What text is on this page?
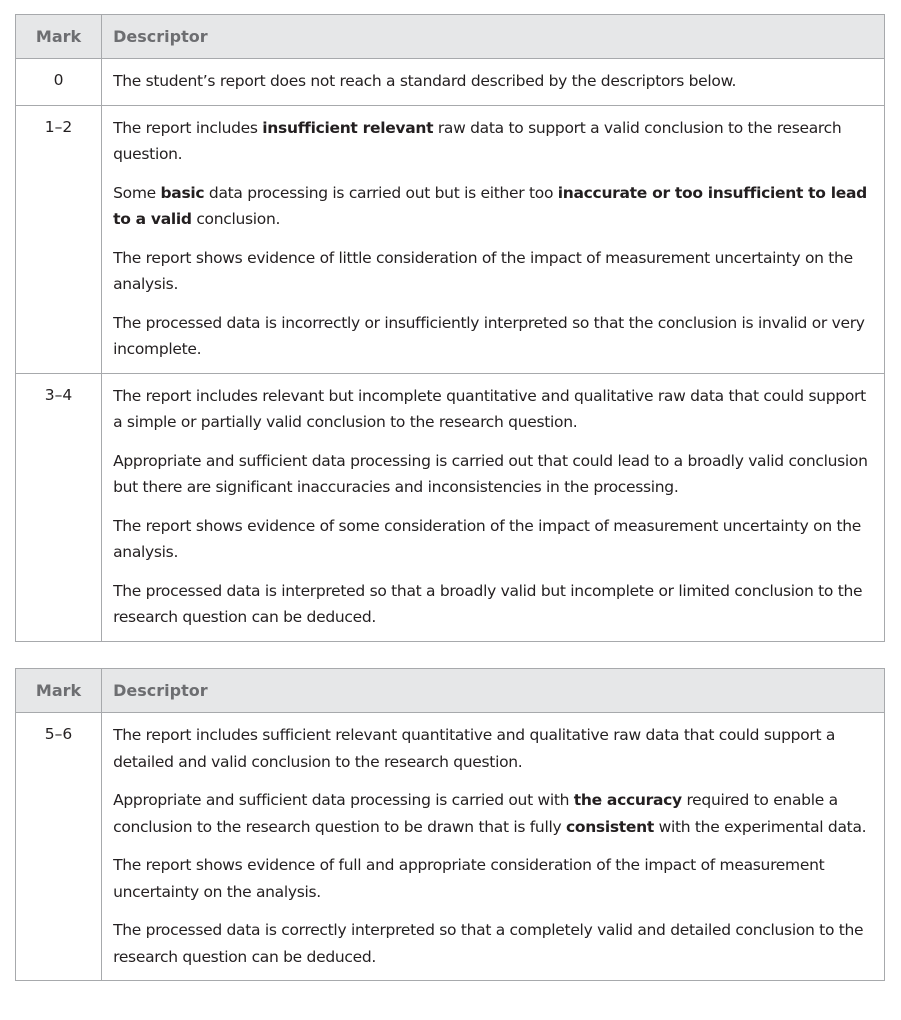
Mark	Descriptor
0	The student’s report does not reach a standard described by the descriptors below.

1–2	The report includes insufficient relevant raw data to support a valid conclusion to the research question.

Some basic data processing is carried out but is either too inaccurate or too insufficient to lead to a valid conclusion.

The report shows evidence of little consideration of the impact of measurement uncertainty on the analysis.

The processed data is incorrectly or insufficiently interpreted so that the conclusion is invalid or very incomplete.

3–4	The report includes relevant but incomplete quantitative and qualitative raw data that could support a simple or partially valid conclusion to the research question.

Appropriate and sufficient data processing is carried out that could lead to a broadly valid conclusion but there are significant inaccuracies and inconsistencies in the processing.

The report shows evidence of some consideration of the impact of measurement uncertainty on the analysis.

The processed data is interpreted so that a broadly valid but incomplete or limited conclusion to the research question can be deduced.

Mark	Descriptor
5–6	The report includes sufficient relevant quantitative and qualitative raw data that could support a detailed and valid conclusion to the research question.

Appropriate and sufficient data processing is carried out with the accuracy required to enable a conclusion to the research question to be drawn that is fully consistent with the experimental data.

The report shows evidence of full and appropriate consideration of the impact of measurement uncertainty on the analysis.

The processed data is correctly interpreted so that a completely valid and detailed conclusion to the research question can be deduced.
